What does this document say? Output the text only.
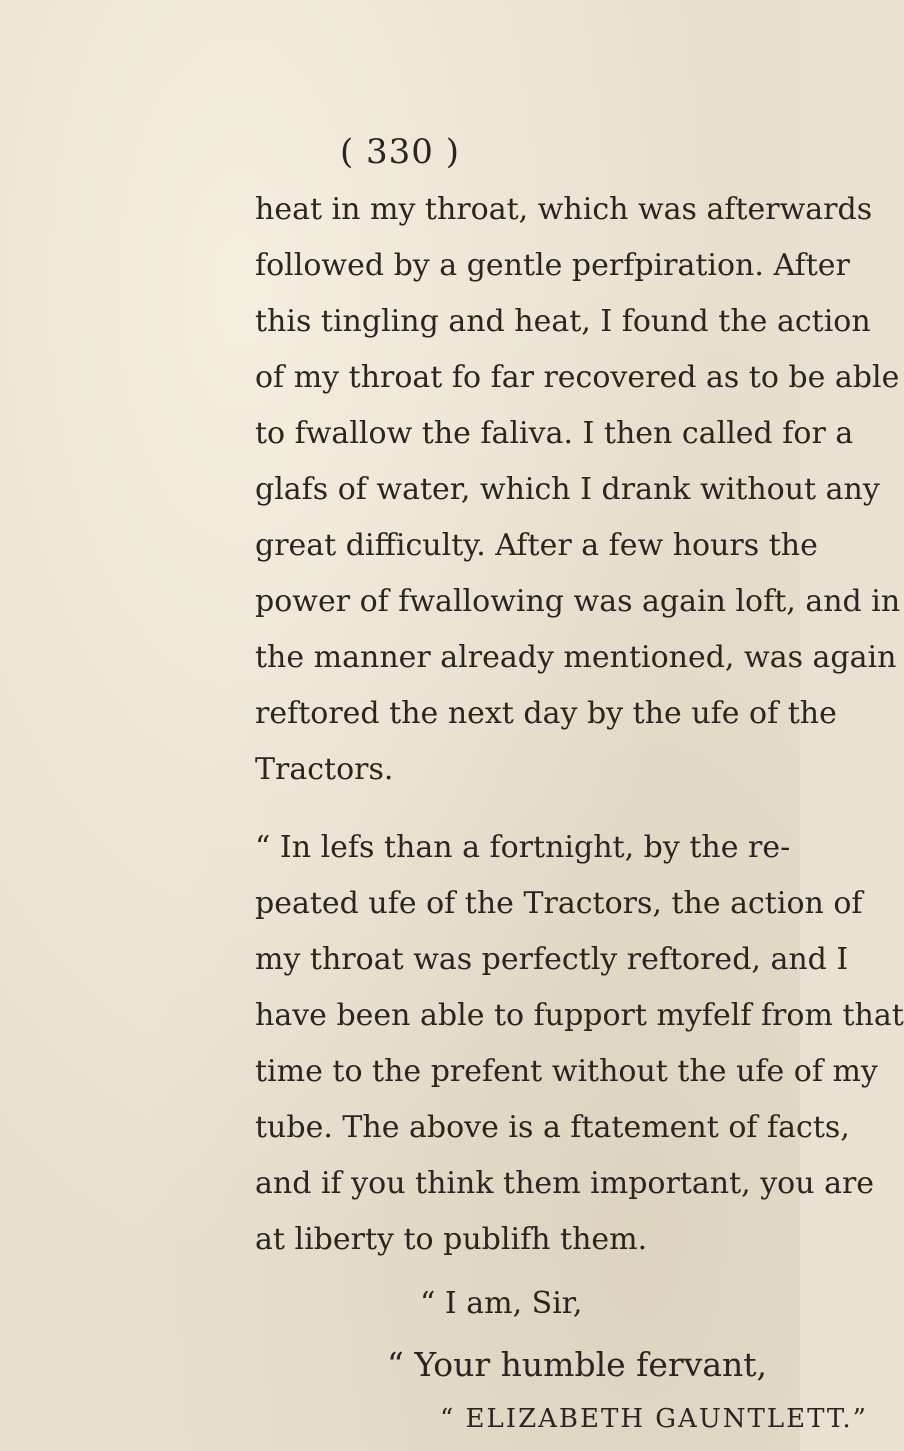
( 330 )
heat in my throat, which was afterwards
followed by a gentle perfpiration. After
this tingling and heat, I found the action
of my throat fo far recovered as to be able
to fwallow the faliva. I then called for a
glafs of water, which I drank without any
great difficulty. After a few hours the
power of fwallowing was again loft, and in
the manner already mentioned, was again
reftored the next day by the ufe of the
Tractors.
“ In lefs than a fortnight, by the re-
peated ufe of the Tractors, the action of
my throat was perfectly reftored, and I
have been able to fupport myfelf from that
time to the prefent without the ufe of my
tube. The above is a ftatement of facts,
and if you think them important, you are
at liberty to publifh them.
“ I am, Sir,
“ Your humble fervant,
“ ELIZABETH GAUNTLETT.”
